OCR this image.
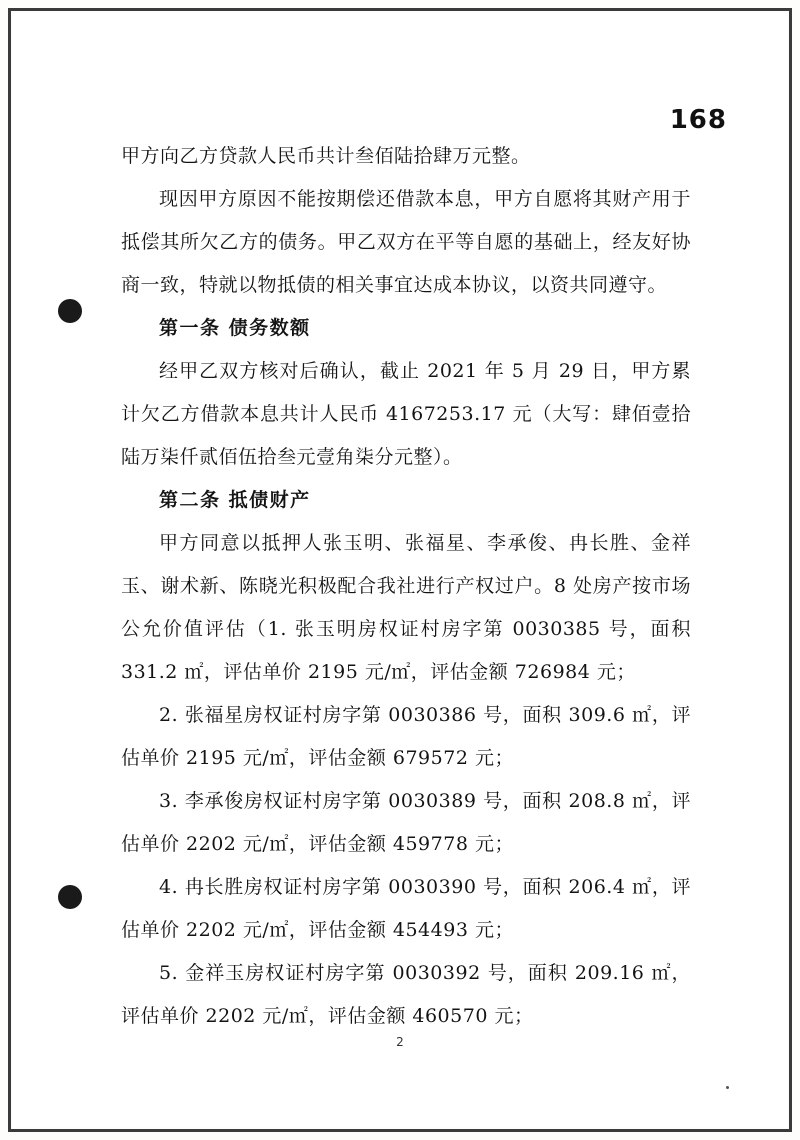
168

甲方向乙方贷款人民币共计叁佰陆拾肆万元整。

现因甲方原因不能按期偿还借款本息，甲方自愿将其财产用于抵偿其所欠乙方的债务。甲乙双方在平等自愿的基础上，经友好协商一致，特就以物抵债的相关事宜达成本协议，以资共同遵守。

第一条 债务数额

经甲乙双方核对后确认，截止 2021 年 5 月 29 日，甲方累计欠乙方借款本息共计人民币 4167253.17 元（大写：肆佰壹拾陆万柒仟贰佰伍拾叁元壹角柒分元整）。

第二条 抵债财产

甲方同意以抵押人张玉明、张福星、李承俊、冉长胜、金祥玉、谢术新、陈晓光积极配合我社进行产权过户。8 处房产按市场公允价值评估（1. 张玉明房权证村房字第 0030385 号，面积 331.2 ㎡，评估单价 2195 元/㎡，评估金额 726984 元；

2. 张福星房权证村房字第 0030386 号，面积 309.6 ㎡，评估单价 2195 元/㎡，评估金额 679572 元；

3. 李承俊房权证村房字第 0030389 号，面积 208.8 ㎡，评估单价 2202 元/㎡，评估金额 459778 元；

4. 冉长胜房权证村房字第 0030390 号，面积 206.4 ㎡，评估单价 2202 元/㎡，评估金额 454493 元；

5. 金祥玉房权证村房字第 0030392 号，面积 209.16 ㎡，评估单价 2202 元/㎡，评估金额 460570 元；

2
